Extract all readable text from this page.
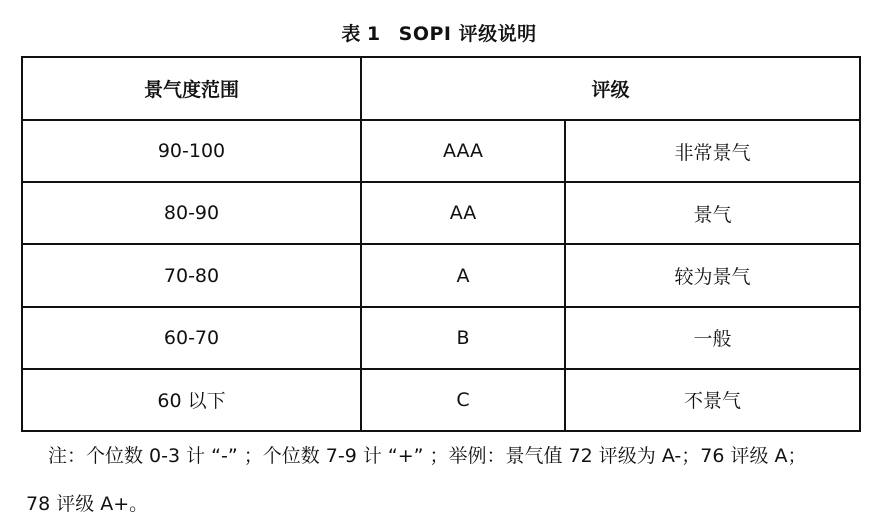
表 1 SOPI 评级说明
景气度范围	评级	
90-100	AAA	非常景气
80-90	AA	景气
70-80	A	较为景气
60-70	B	一般
60 以下	C	不景气
注：个位数 0-3 计 “-” ；个位数 7-9 计 “+” ；举例：景气值 72 评级为 A-；76 评级 A；
78 评级 A+。
